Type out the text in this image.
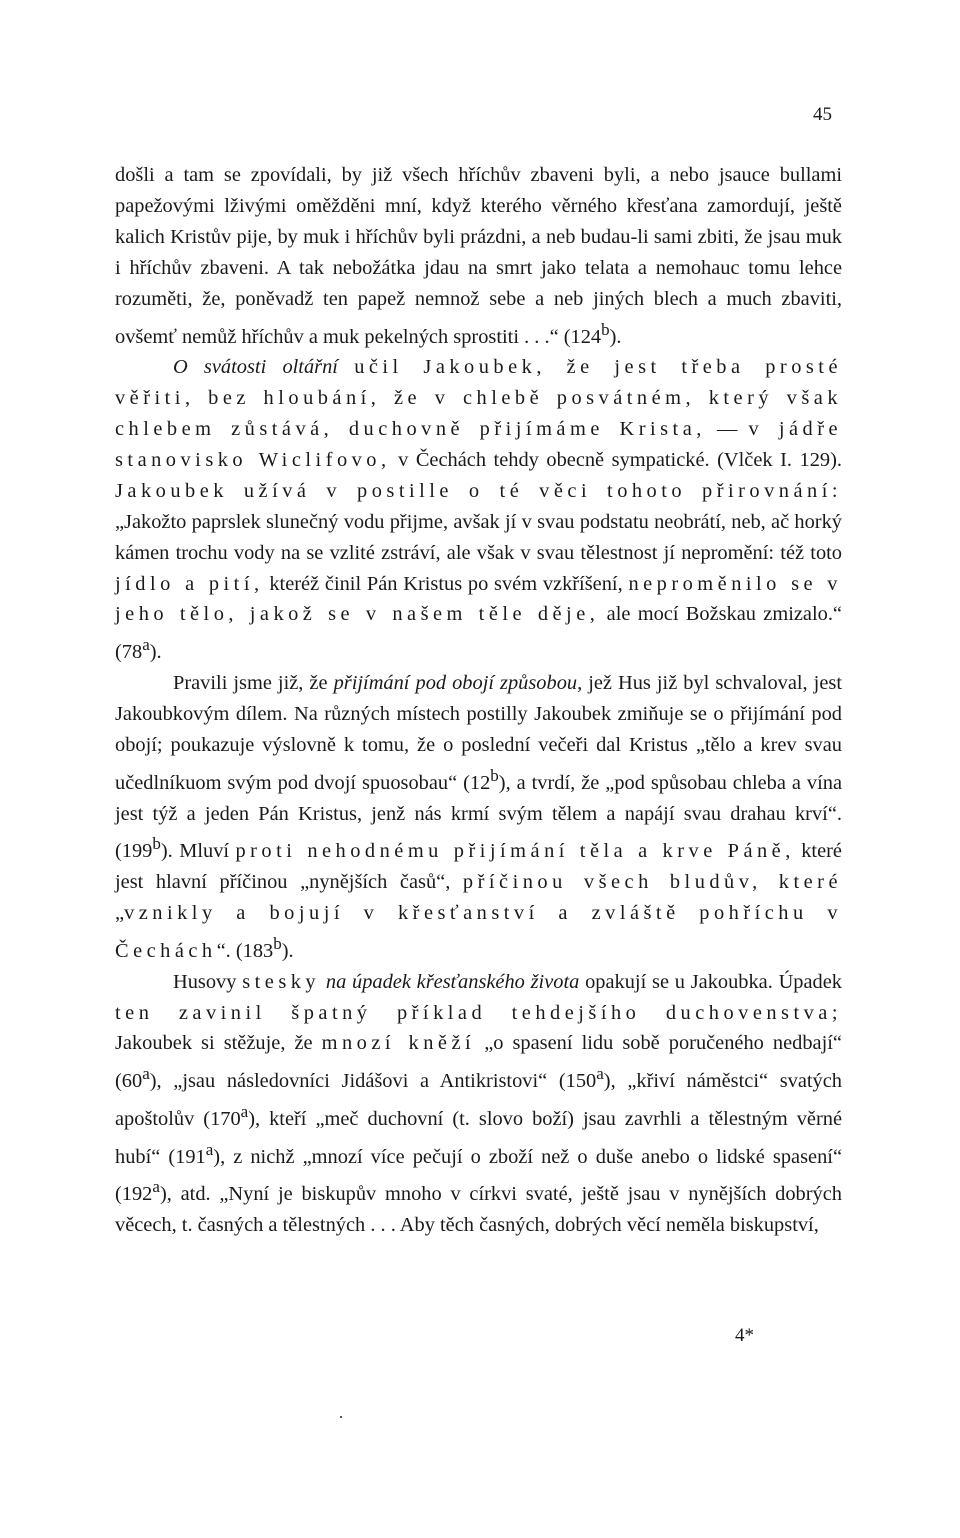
45

došli a tam se zpovídali, by již všech hříchův zbaveni byli, a nebo jsauce bullami papežovými lživými oměžděni mní, když kterého věrného křesťana zamordují, ještě kalich Kristův pije, by muk i hříchův byli prázdni, a neb budau-li sami zbiti, že jsau muk i hříchův zbaveni. A tak nebožátka jdau na smrt jako telata a nemohauc tomu lehce rozuměti, že, poněvadž ten papež nemnož sebe a neb jiných blech a much zbaviti, ovšemť nemůž hříchův a muk pekelných sprostiti . . .“ (124$^b$).

O svátosti oltářní učil Jakoubek, že jest třeba prosté věřiti, bez hloubání, že v chlebě posvátném, který však chlebem zůstává, duchovně přijímáme Krista, — v jádře stanovisko Wiclifovo, v Čechách tehdy obecně sympatické. (Vlček I. 129). Jakoubek užívá v postille o té věci tohoto přirovnání: „Jakožto paprslek slunečný vodu přijme, avšak jí v svau podstatu neobrátí, neb, ač horký kámen trochu vody na se vzlité zstráví, ale však v svau tělestnost jí nepromění: též toto jídlo a pití, kteréž činil Pán Kristus po svém vzkříšení, neproměnilo se v jeho tělo, jakož se v našem těle děje, ale mocí Božskau zmizalo.“ (78$^a$).

Pravili jsme již, že přijímání pod obojí způsobou, jež Hus již byl schvaloval, jest Jakoubkovým dílem. Na různých místech postilly Jakoubek zmiňuje se o přijímání pod obojí; poukazuje výslovně k tomu, že o poslední večeři dal Kristus „tělo a krev svau učedlníkuom svým pod dvojí spuosobau“ (12$^b$), a tvrdí, že „pod spůsobau chleba a vína jest týž a jeden Pán Kristus, jenž nás krmí svým tělem a napájí svau drahau krví“. (199$^b$). Mluví proti nehodnému přijímání těla a krve Páně, které jest hlavní příčinou „nynějších časů“, příčinou všech bludův, které „vznikly a bojují v křesťanství a zvláště pohříchu v Čechách“. (183$^b$).

Husovy stesky na úpadek křesťanského života opakují se u Jakoubka. Úpadek ten zavinil špatný příklad tehdejšího duchovenstva; Jakoubek si stěžuje, že mnozí kněží „o spasení lidu sobě poručeného nedbají“ (60$^a$), „jsau následovníci Jidášovi a Antikristovi“ (150$^a$), „křiví náměstci“ svatých apoštolův (170$^a$), kteří „meč duchovní (t. slovo boží) jsau zavrhli a tělestným věrné hubí“ (191$^a$), z nichž „mnozí více pečují o zboží než o duše anebo o lidské spasení“ (192$^a$), atd. „Nyní je biskupův mnoho v církvi svaté, ještě jsau v nynějších dobrých věcech, t. časných a tělestných . . . Aby těch časných, dobrých věcí neměla biskupství,

4*
